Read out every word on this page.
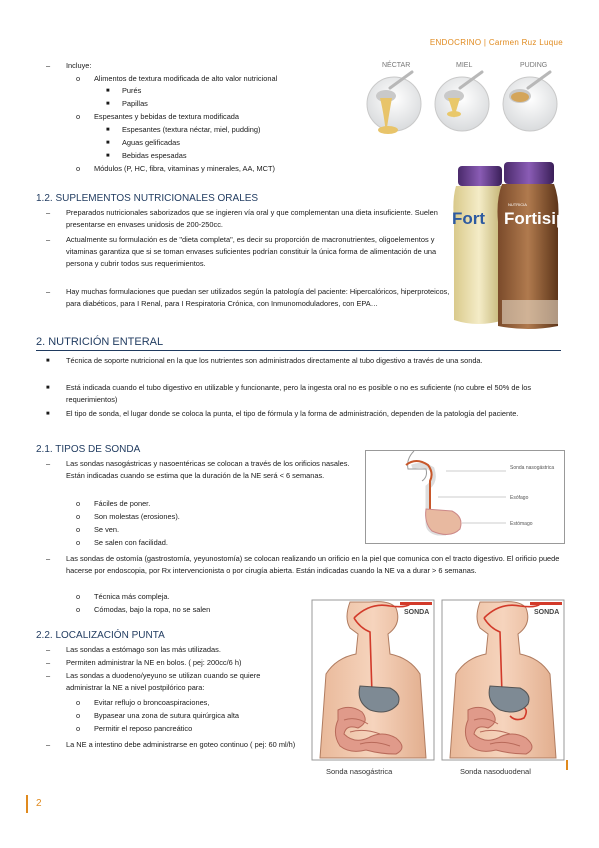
ENDOCRINO | Carmen Ruz Luque
– Incluye:
o Alimentos de textura modificada de alto valor nutricional
■ Purés
■ Papillas
o Espesantes y bebidas de textura modificada
■ Espesantes (textura néctar, miel, pudding)
■ Aguas gelificadas
■ Bebidas espesadas
o Módulos (P, HC, fibra, vitaminas y minerales, AA, MCT)
NÉCTAR	MIEL	PUDING
1.2. SUPLEMENTOS NUTRICIONALES ORALES
– Preparados nutricionales saborizados que se ingieren vía oral y que complementan una dieta insuficiente. Suelen presentarse en envases unidosis de 200-250cc.
– Actualmente su formulación es de "dieta completa", es decir su proporción de macronutrientes, oligoelementos y vitaminas garantiza que si se toman envases suficientes podrían constituir la única forma de alimentación de una persona y cubrir todos sus requerimientos.
– Hay muchas formulaciones que puedan ser utilizados según la patología del paciente: Hipercalóricos, hiperproteicos, para diabéticos, para I Renal, para I Respiratoria Crónica, con Inmunomoduladores, con EPA…
NUTRICIA
Fortisip
Fort
2. NUTRICIÓN ENTERAL
■ Técnica de soporte nutricional en la que los nutrientes son administrados directamente al tubo digestivo a través de una sonda.
■ Está indicada cuando el tubo digestivo en utilizable y funcionante, pero la ingesta oral no es posible o no es suficiente (no cubre el 50% de los requerimientos)
■ El tipo de sonda, el lugar donde se coloca la punta, el tipo de fórmula y la forma de administración, dependen de la patología del paciente.
2.1. TIPOS DE SONDA
– Las sondas nasogástricas y nasoentéricas se colocan a través de los orificios nasales. Están indicadas cuando se estima que la duración de la NE será < 6 semanas.
o Fáciles de poner.
o Son molestas (erosiones).
o Se ven.
o Se salen con facilidad.
– Las sondas de ostomía (gastrostomía, yeyunostomía) se colocan realizando un orificio en la piel que comunica con el tracto digestivo. El orificio puede hacerse por endoscopia, por Rx intervencionista o por cirugía abierta. Están indicadas cuando la NE va a durar > 6 semanas.
o Técnica más compleja.
o Cómodas, bajo la ropa, no se salen
Sonda nasogástrica
Esófago
Estómago
2.2. LOCALIZACIÓN PUNTA
– Las sondas a estómago son las más utilizadas.
– Permiten administrar la NE en bolos. ( pej: 200cc/6 h)
– Las sondas a duodeno/yeyuno se utilizan cuando se quiere administrar la NE a nivel postpilórico para:
o Evitar reflujo o broncoaspiraciones,
o Bypasear una zona de sutura quirúrgica alta
o Permitir el reposo pancreático
– La NE a intestino debe administrarse en goteo continuo ( pej: 60 ml/h)
SONDA
Sonda nasogástrica
SONDA
Sonda nasoduodenal
2
